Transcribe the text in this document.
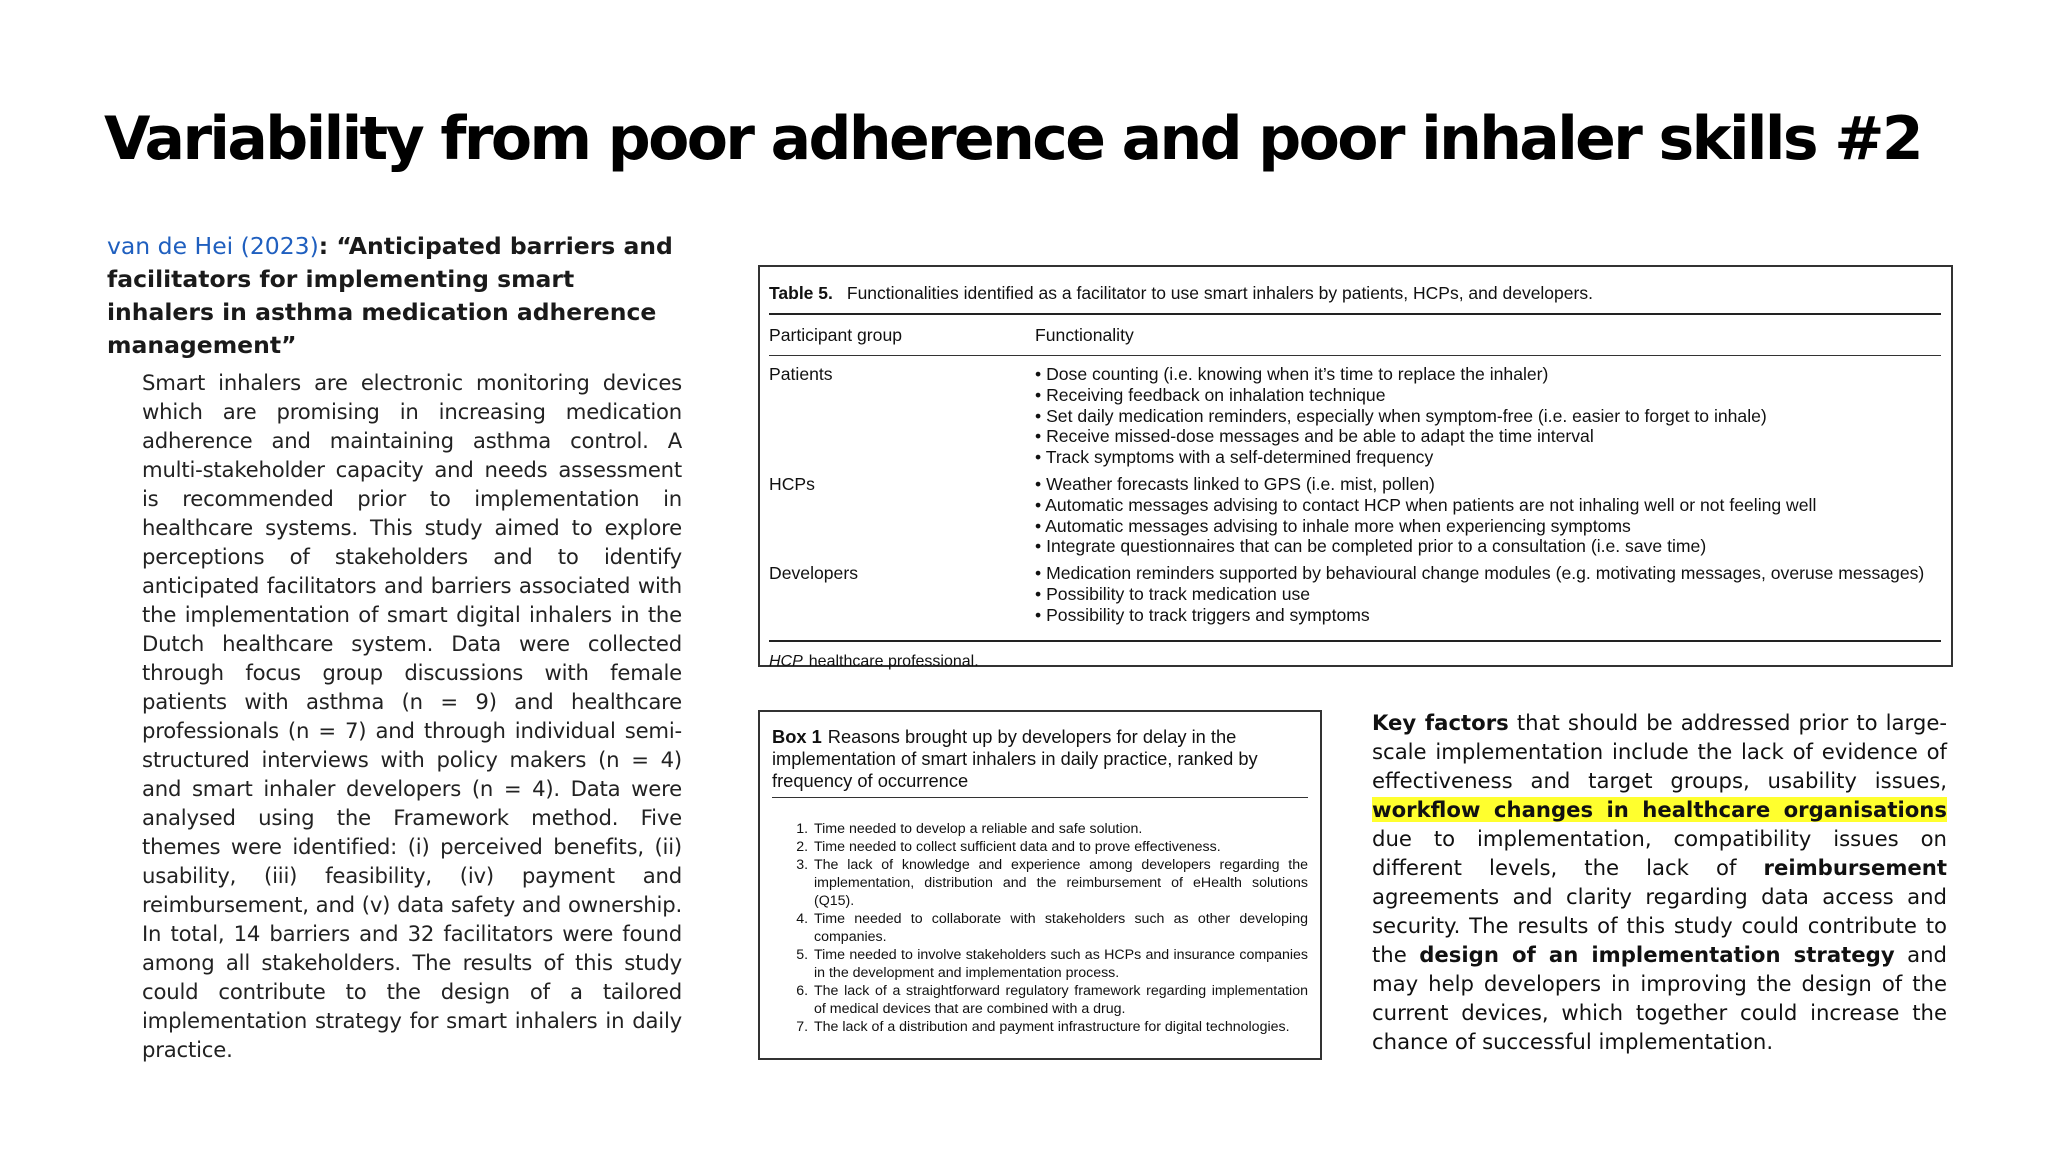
Variability from poor adherence and poor inhaler skills #2
van de Hei (2023): “Anticipated barriers and facilitators for implementing smart inhalers in asthma medication adherence management”

Smart inhalers are electronic monitoring devices which are promising in increasing medication adherence and maintaining asthma control. A multi-stakeholder capacity and needs assessment is recommended prior to implementation in healthcare systems. This study aimed to explore perceptions of stakeholders and to identify anticipated facilitators and barriers associated with the implementation of smart digital inhalers in the Dutch healthcare system. Data were collected through focus group discussions with female patients with asthma (n = 9) and healthcare professionals (n = 7) and through individual semi-structured interviews with policy makers (n = 4) and smart inhaler developers (n = 4). Data were analysed using the Framework method. Five themes were identified: (i) perceived benefits, (ii) usability, (iii) feasibility, (iv) payment and reimbursement, and (v) data safety and ownership. In total, 14 barriers and 32 facilitators were found among all stakeholders. The results of this study could contribute to the design of a tailored implementation strategy for smart inhalers in daily practice.

Table 5. Functionalities identified as a facilitator to use smart inhalers by patients, HCPs, and developers.
Participant group	Functionality
Patients	• Dose counting (i.e. knowing when it’s time to replace the inhaler)
• Receiving feedback on inhalation technique
• Set daily medication reminders, especially when symptom-free (i.e. easier to forget to inhale)
• Receive missed-dose messages and be able to adapt the time interval
• Track symptoms with a self-determined frequency
HCPs	• Weather forecasts linked to GPS (i.e. mist, pollen)
• Automatic messages advising to contact HCP when patients are not inhaling well or not feeling well
• Automatic messages advising to inhale more when experiencing symptoms
• Integrate questionnaires that can be completed prior to a consultation (i.e. save time)
Developers	• Medication reminders supported by behavioural change modules (e.g. motivating messages, overuse messages)
• Possibility to track medication use
• Possibility to track triggers and symptoms
HCP healthcare professional.
Box 1 Reasons brought up by developers for delay in the implementation of smart inhalers in daily practice, ranked by frequency of occurrence
1. Time needed to develop a reliable and safe solution.
2. Time needed to collect sufficient data and to prove effectiveness.
3. The lack of knowledge and experience among developers regarding the implementation, distribution and the reimbursement of eHealth solutions (Q15).
4. Time needed to collaborate with stakeholders such as other developing companies.
5. Time needed to involve stakeholders such as HCPs and insurance companies in the development and implementation process.
6. The lack of a straightforward regulatory framework regarding implementation of medical devices that are combined with a drug.
7. The lack of a distribution and payment infrastructure for digital technologies.

Key factors that should be addressed prior to large-scale implementation include the lack of evidence of effectiveness and target groups, usability issues, workflow changes in healthcare organisations due to implementation, compatibility issues on different levels, the lack of reimbursement agreements and clarity regarding data access and security. The results of this study could contribute to the design of an implementation strategy and may help developers in improving the design of the current devices, which together could increase the chance of successful implementation.
